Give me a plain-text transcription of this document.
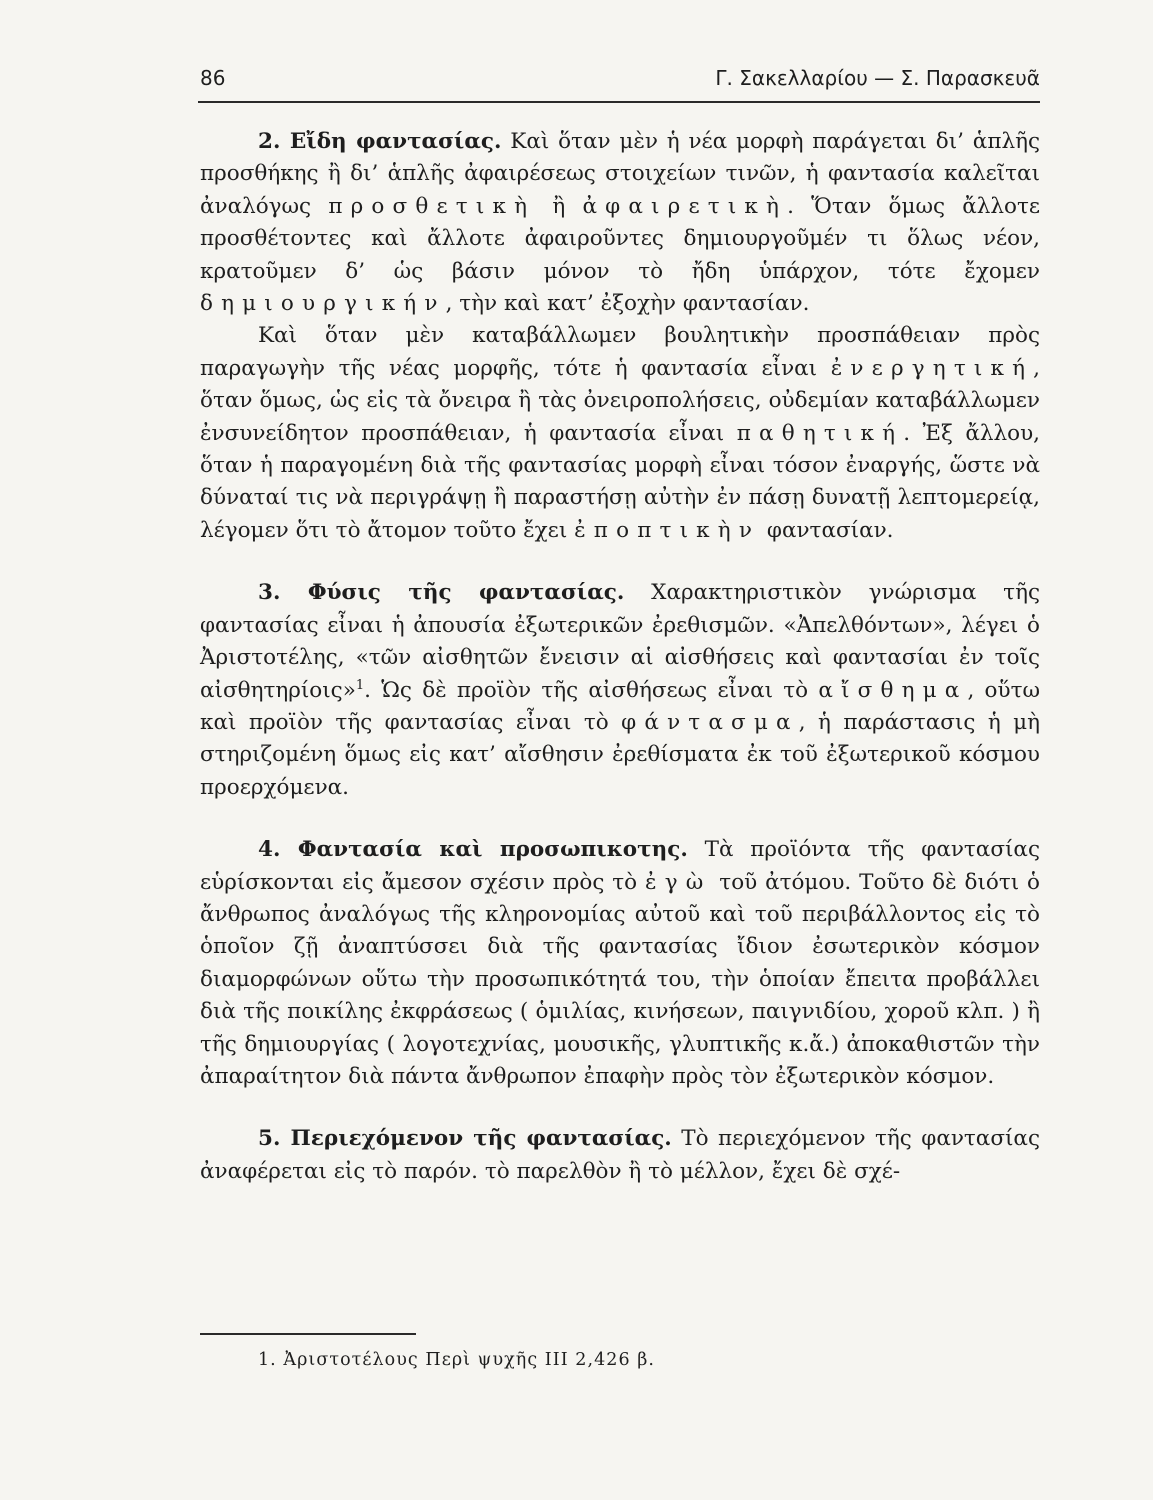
86	Γ. Σακελλαρίου — Σ. Παρασκευᾶ

2. Εἴδη φαντασίας. Καὶ ὅταν μὲν ἡ νέα μορφὴ παράγεται δι’ ἁπλῆς προσθήκης ἢ δι’ ἁπλῆς ἀφαιρέσεως στοιχείων τινῶν, ἡ φαντασία καλεῖται ἀναλόγως προσθετικὴ ἢ ἀφαιρετικὴ. Ὅταν ὅμως ἄλλοτε προσθέτοντες καὶ ἄλλοτε ἀφαιροῦντες δημιουργοῦμέν τι ὅλως νέον, κρατοῦμεν δ’ ὡς βάσιν μόνον τὸ ἤδη ὑπάρχον, τότε ἔχομεν δημιουργικήν, τὴν καὶ κατ’ ἐξοχὴν φαντασίαν.

Καὶ ὅταν μὲν καταβάλλωμεν βουλητικὴν προσπάθειαν πρὸς παραγωγὴν τῆς νέας μορφῆς, τότε ἡ φαντασία εἶναι ἐνεργητική, ὅταν ὅμως, ὡς εἰς τὰ ὄνειρα ἢ τὰς ὀνειροπολήσεις, οὐδεμίαν καταβάλλωμεν ἐνσυνείδητον προσπάθειαν, ἡ φαντασία εἶναι παθητική. Ἐξ ἄλλου, ὅταν ἡ παραγομένη διὰ τῆς φαντασίας μορφὴ εἶναι τόσον ἐναργής, ὥστε νὰ δύναταί τις νὰ περιγράψῃ ἢ παραστήσῃ αὐτὴν ἐν πάσῃ δυνατῇ λεπτομερείᾳ, λέγομεν ὅτι τὸ ἄτομον τοῦτο ἔχει ἐποπτικὴν φαντασίαν.

3. Φύσις τῆς φαντασίας. Χαρακτηριστικὸν γνώρισμα τῆς φαντασίας εἶναι ἡ ἀπουσία ἐξωτερικῶν ἐρεθισμῶν. «Ἀπελθόντων», λέγει ὁ Ἀριστοτέλης, «τῶν αἰσθητῶν ἔνεισιν αἱ αἰσθήσεις καὶ φαντασίαι ἐν τοῖς αἰσθητηρίοις»$^1$. Ὡς δὲ προϊὸν τῆς αἰσθήσεως εἶναι τὸ αἴσθημα, οὕτω καὶ προϊὸν τῆς φαντασίας εἶναι τὸ φάντασμα, ἡ παράστασις ἡ μὴ στηριζομένη ὅμως εἰς κατ’ αἴσθησιν ἐρεθίσματα ἐκ τοῦ ἐξωτερικοῦ κόσμου προερχόμενα.

4. Φαντασία καὶ προσωπικοτης. Τὰ προϊόντα τῆς φαντασίας εὑρίσκονται εἰς ἄμεσον σχέσιν πρὸς τὸ ἐγὼ τοῦ ἀτόμου. Τοῦτο δὲ διότι ὁ ἄνθρωπος ἀναλόγως τῆς κληρονομίας αὐτοῦ καὶ τοῦ περιβάλλοντος εἰς τὸ ὁποῖον ζῇ ἀναπτύσσει διὰ τῆς φαντασίας ἴδιον ἐσωτερικὸν κόσμον διαμορφώνων οὕτω τὴν προσωπικότητά του, τὴν ὁποίαν ἔπειτα προβάλλει διὰ τῆς ποικίλης ἐκφράσεως ( ὁμιλίας, κινήσεων, παιγνιδίου, χοροῦ κλπ. ) ἢ τῆς δημιουργίας ( λογοτεχνίας, μουσικῆς, γλυπτικῆς κ.ἄ.) ἀποκαθιστῶν τὴν ἀπαραίτητον διὰ πάντα ἄνθρωπον ἐπαφὴν πρὸς τὸν ἐξωτερικὸν κόσμον.

5. Περιεχόμενον τῆς φαντασίας. Τὸ περιεχόμενον τῆς φαντασίας ἀναφέρεται εἰς τὸ παρόν. τὸ παρελθὸν ἢ τὸ μέλλον, ἔχει δὲ σχέ-

1. Ἀριστοτέλους Περὶ ψυχῆς III 2,426 β.
